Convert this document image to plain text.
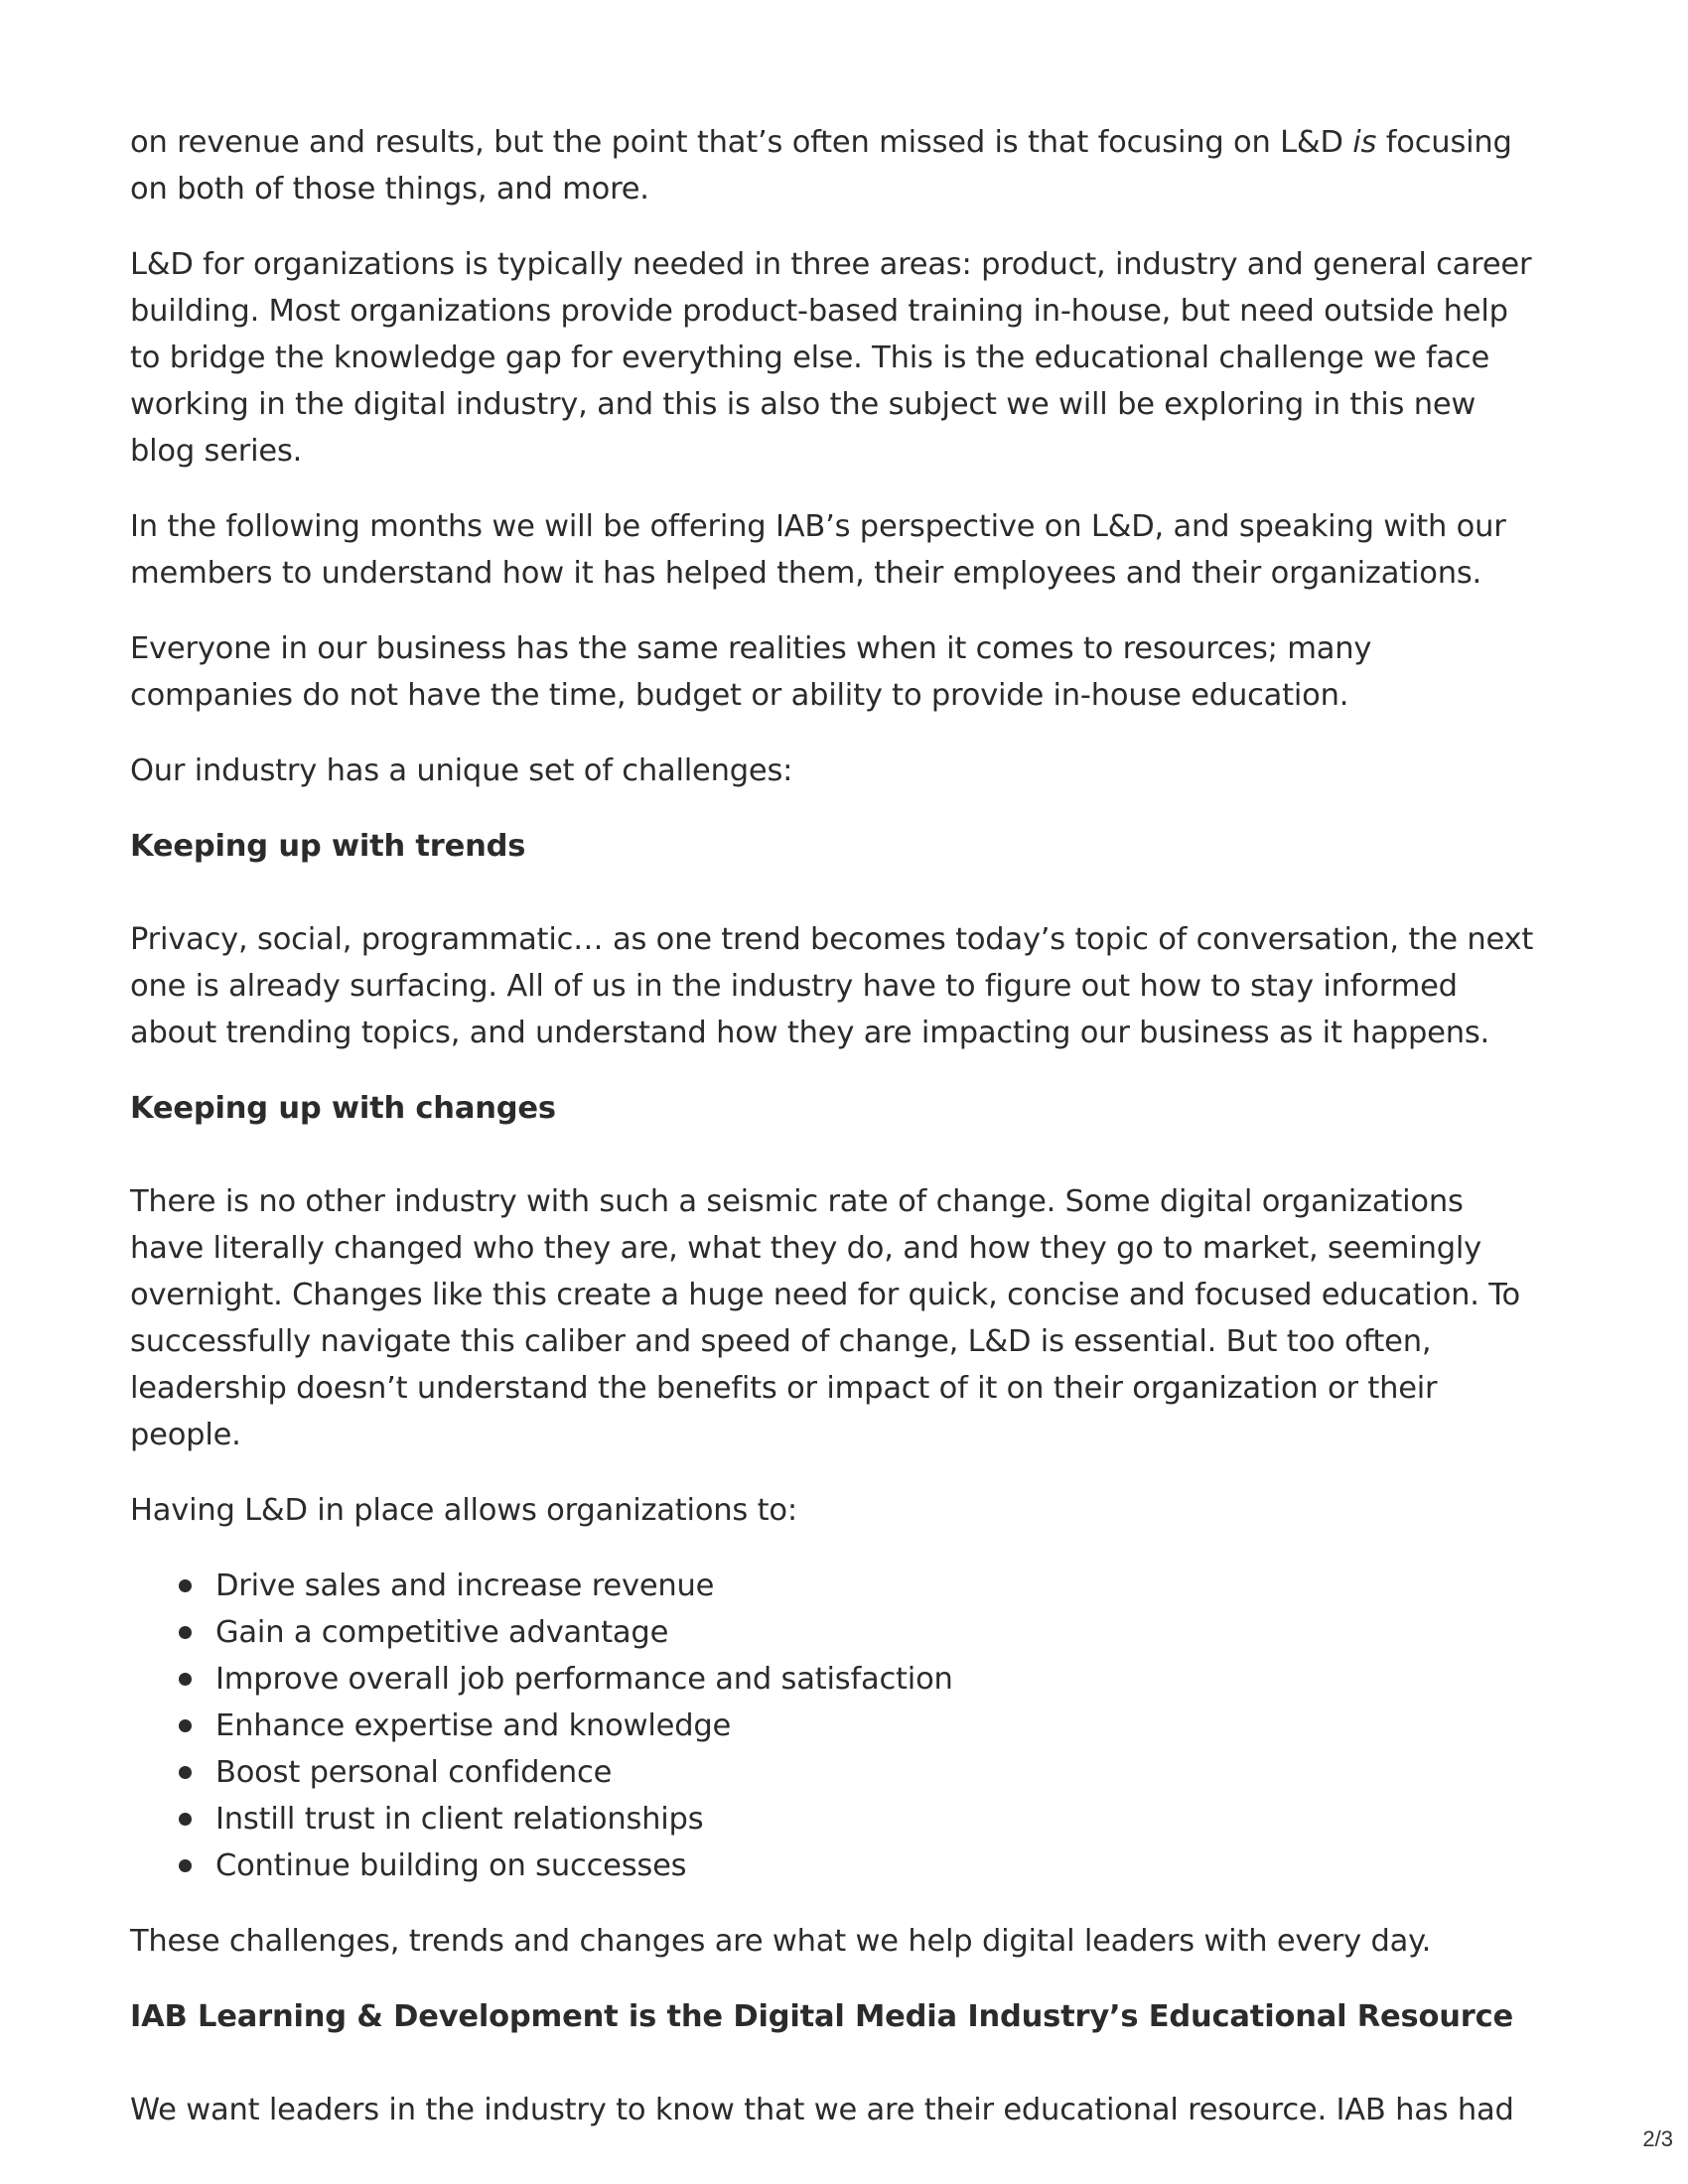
on revenue and results, but the point that’s often missed is that focusing on L&D is focusing on both of those things, and more.

L&D for organizations is typically needed in three areas: product, industry and general career building. Most organizations provide product-based training in-house, but need outside help to bridge the knowledge gap for everything else. This is the educational challenge we face working in the digital industry, and this is also the subject we will be exploring in this new blog series.

In the following months we will be offering IAB’s perspective on L&D, and speaking with our members to understand how it has helped them, their employees and their organizations.

Everyone in our business has the same realities when it comes to resources; many companies do not have the time, budget or ability to provide in-house education.

Our industry has a unique set of challenges:

Keeping up with trends

Privacy, social, programmatic… as one trend becomes today’s topic of conversation, the next one is already surfacing. All of us in the industry have to figure out how to stay informed about trending topics, and understand how they are impacting our business as it happens.

Keeping up with changes

There is no other industry with such a seismic rate of change. Some digital organizations have literally changed who they are, what they do, and how they go to market, seemingly overnight. Changes like this create a huge need for quick, concise and focused education. To successfully navigate this caliber and speed of change, L&D is essential. But too often, leadership doesn’t understand the benefits or impact of it on their organization or their people.

Having L&D in place allows organizations to:

Drive sales and increase revenue
Gain a competitive advantage
Improve overall job performance and satisfaction
Enhance expertise and knowledge
Boost personal confidence
Instill trust in client relationships
Continue building on successes

These challenges, trends and changes are what we help digital leaders with every day.

IAB Learning & Development is the Digital Media Industry’s Educational Resource

We want leaders in the industry to know that we are their educational resource. IAB has had

2/3
